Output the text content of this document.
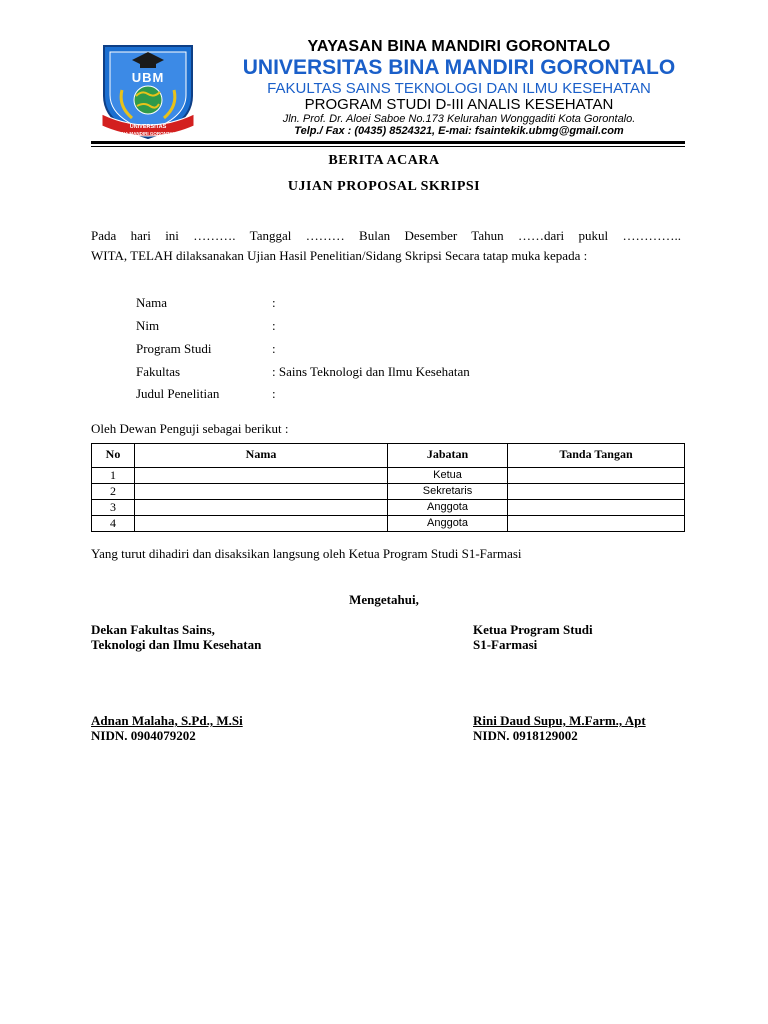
UBM
UNIVERSITAS
BINA MANDIRI GORONTALO
YAYASAN BINA MANDIRI GORONTALO
UNIVERSITAS BINA MANDIRI GORONTALO
FAKULTAS SAINS TEKNOLOGI DAN ILMU KESEHATAN
PROGRAM STUDI D-III ANALIS KESEHATAN
Jln. Prof. Dr. Aloei Saboe No.173 Kelurahan Wonggaditi Kota Gorontalo.
Telp./ Fax : (0435) 8524321, E-mai: fsaintekik.ubmg@gmail.com
BERITA ACARA
UJIAN PROPOSAL SKRIPSI
Pada hari ini ………. Tanggal ……… Bulan Desember Tahun ……dari pukul …………..
WITA, TELAH dilaksanakan Ujian Hasil Penelitian/Sidang Skripsi Secara tatap muka kepada :
Nama	:
Nim	:
Program Studi	:
Fakultas	: Sains Teknologi dan Ilmu Kesehatan
Judul Penelitian	:
Oleh Dewan Penguji sebagai berikut :
No	Nama	Jabatan	Tanda Tangan
1		Ketua	
2		Sekretaris	
3		Anggota	
4		Anggota	
Yang turut dihadiri dan disaksikan langsung oleh Ketua Program Studi S1-Farmasi
Mengetahui,
Dekan Fakultas Sains,
Teknologi dan Ilmu Kesehatan
Ketua Program Studi
S1-Farmasi
Adnan Malaha, S.Pd., M.Si
NIDN. 0904079202
Rini Daud Supu, M.Farm., Apt
NIDN. 0918129002
